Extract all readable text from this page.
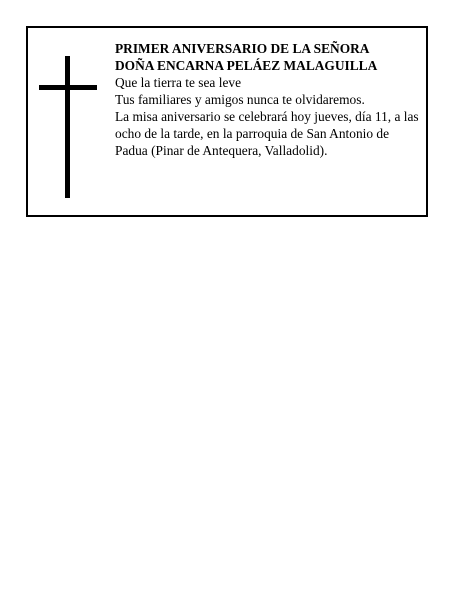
PRIMER ANIVERSARIO DE LA SEÑORA

DOÑA ENCARNA PELÁEZ MALAGUILLA

Que la tierra te sea leve

Tus familiares y amigos nunca te olvidaremos.

La misa aniversario se celebrará hoy jueves, día 11, a las ocho de la tarde, en la parroquia de San Antonio de Padua (Pinar de Antequera, Valladolid).
